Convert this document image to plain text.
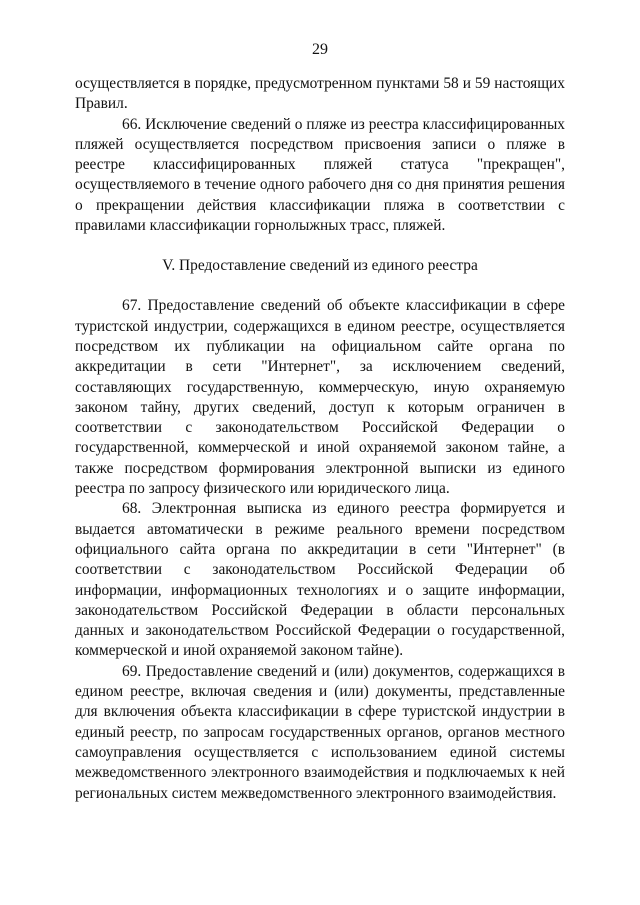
29

осуществляется в порядке, предусмотренном пунктами 58 и 59 настоящих Правил.

66. Исключение сведений о пляже из реестра классифицированных пляжей осуществляется посредством присвоения записи о пляже в реестре классифицированных пляжей статуса "прекращен", осуществляемого в течение одного рабочего дня со дня принятия решения о прекращении действия классификации пляжа в соответствии с правилами классификации горнолыжных трасс, пляжей.

V. Предоставление сведений из единого реестра

67. Предоставление сведений об объекте классификации в сфере туристской индустрии, содержащихся в едином реестре, осуществляется посредством их публикации на официальном сайте органа по аккредитации в сети "Интернет", за исключением сведений, составляющих государственную, коммерческую, иную охраняемую законом тайну, других сведений, доступ к которым ограничен в соответствии с законодательством Российской Федерации о государственной, коммерческой и иной охраняемой законом тайне, а также посредством формирования электронной выписки из единого реестра по запросу физического или юридического лица.

68. Электронная выписка из единого реестра формируется и выдается автоматически в режиме реального времени посредством официального сайта органа по аккредитации в сети "Интернет" (в соответствии с законодательством Российской Федерации об информации, информационных технологиях и о защите информации, законодательством Российской Федерации в области персональных данных и законодательством Российской Федерации о государственной, коммерческой и иной охраняемой законом тайне).

69. Предоставление сведений и (или) документов, содержащихся в едином реестре, включая сведения и (или) документы, представленные для включения объекта классификации в сфере туристской индустрии в единый реестр, по запросам государственных органов, органов местного самоуправления осуществляется с использованием единой системы межведомственного электронного взаимодействия и подключаемых к ней региональных систем межведомственного электронного взаимодействия.
